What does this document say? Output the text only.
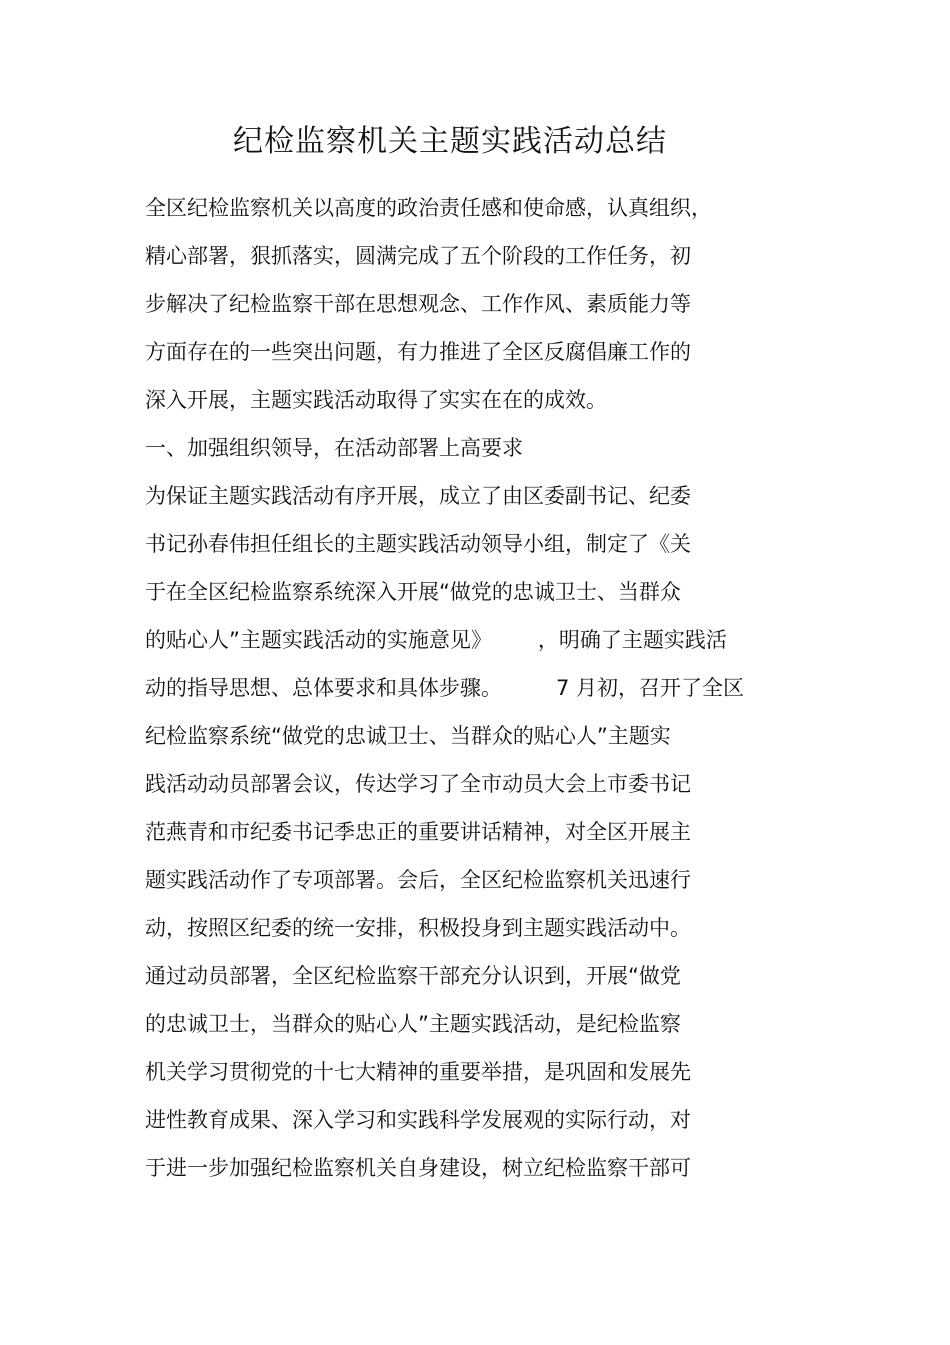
纪检监察机关主题实践活动总结
全区纪检监察机关以高度的政治责任感和使命感，认真组织，
精心部署，狠抓落实，圆满完成了五个阶段的工作任务，初
步解决了纪检监察干部在思想观念、工作作风、素质能力等
方面存在的一些突出问题，有力推进了全区反腐倡廉工作的
深入开展，主题实践活动取得了实实在在的成效。
一、加强组织领导，在活动部署上高要求
为保证主题实践活动有序开展，成立了由区委副书记、纪委
书记孙春伟担任组长的主题实践活动领导小组，制定了《关
于在全区纪检监察系统深入开展“做党的忠诚卫士、当群众
的贴心人”主题实践活动的实施意见》 ，明确了主题实践活
动的指导思想、总体要求和具体步骤。	7 月初，召开了全区
纪检监察系统“做党的忠诚卫士、当群众的贴心人”主题实
践活动动员部署会议，传达学习了全市动员大会上市委书记
范燕青和市纪委书记季忠正的重要讲话精神，对全区开展主
题实践活动作了专项部署。会后，全区纪检监察机关迅速行
动，按照区纪委的统一安排，积极投身到主题实践活动中。
通过动员部署，全区纪检监察干部充分认识到，开展“做党
的忠诚卫士，当群众的贴心人”主题实践活动，是纪检监察
机关学习贯彻党的十七大精神的重要举措，是巩固和发展先
进性教育成果、深入学习和实践科学发展观的实际行动，对
于进一步加强纪检监察机关自身建设，树立纪检监察干部可
